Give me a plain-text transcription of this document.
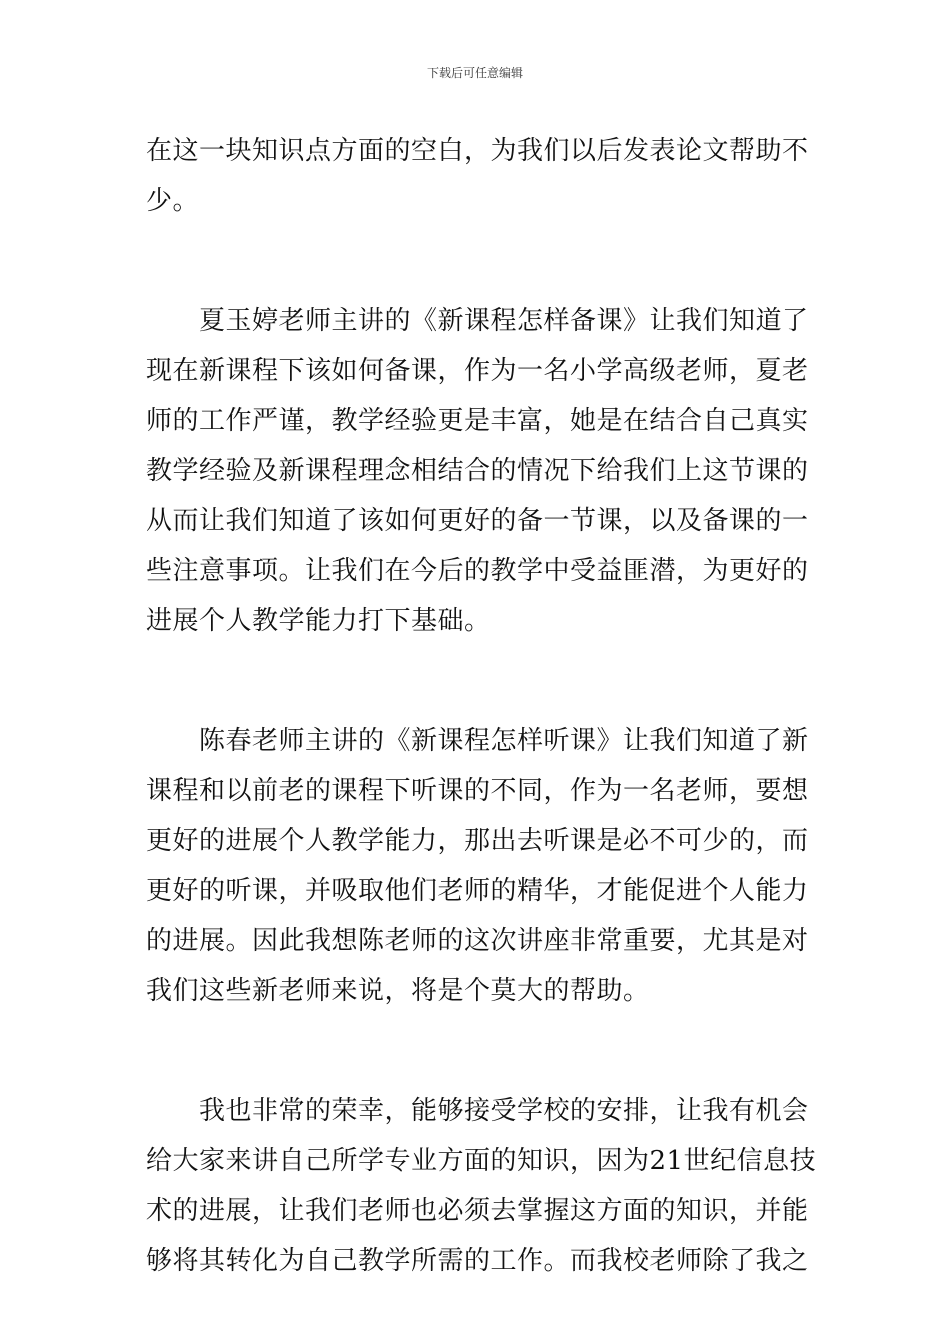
下载后可任意编辑
在这一块知识点方面的空白，为我们以后发表论文帮助不
少。
　　夏玉婷老师主讲的《新课程怎样备课》让我们知道了
现在新课程下该如何备课，作为一名小学高级老师，夏老
师的工作严谨，教学经验更是丰富，她是在结合自己真实
教学经验及新课程理念相结合的情况下给我们上这节课的
从而让我们知道了该如何更好的备一节课，以及备课的一
些注意事项。让我们在今后的教学中受益匪潜，为更好的
进展个人教学能力打下基础。
　　陈春老师主讲的《新课程怎样听课》让我们知道了新
课程和以前老的课程下听课的不同，作为一名老师，要想
更好的进展个人教学能力，那出去听课是必不可少的，而
更好的听课，并吸取他们老师的精华，才能促进个人能力
的进展。因此我想陈老师的这次讲座非常重要，尤其是对
我们这些新老师来说，将是个莫大的帮助。
　　我也非常的荣幸，能够接受学校的安排，让我有机会
给大家来讲自己所学专业方面的知识，因为21世纪信息技
术的进展，让我们老师也必须去掌握这方面的知识，并能
够将其转化为自己教学所需的工作。而我校老师除了我之
